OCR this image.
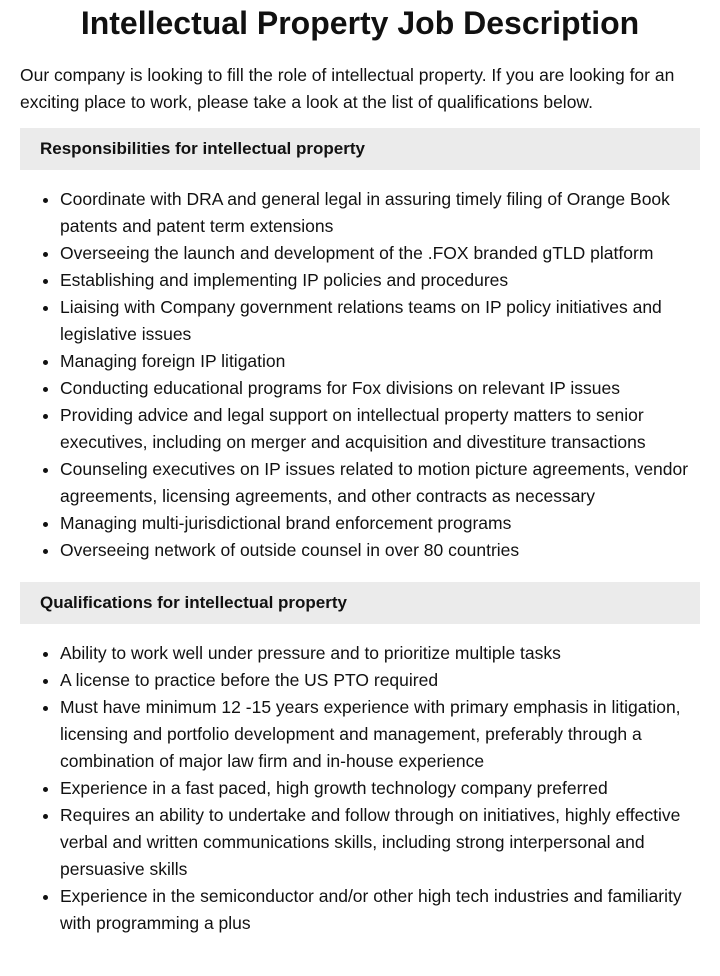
Intellectual Property Job Description

Our company is looking to fill the role of intellectual property. If you are looking for an exciting place to work, please take a look at the list of qualifications below.

Responsibilities for intellectual property
• Coordinate with DRA and general legal in assuring timely filing of Orange Book patents and patent term extensions
• Overseeing the launch and development of the .FOX branded gTLD platform
• Establishing and implementing IP policies and procedures
• Liaising with Company government relations teams on IP policy initiatives and legislative issues
• Managing foreign IP litigation
• Conducting educational programs for Fox divisions on relevant IP issues
• Providing advice and legal support on intellectual property matters to senior executives, including on merger and acquisition and divestiture transactions
• Counseling executives on IP issues related to motion picture agreements, vendor agreements, licensing agreements, and other contracts as necessary
• Managing multi-jurisdictional brand enforcement programs
• Overseeing network of outside counsel in over 80 countries
Qualifications for intellectual property
• Ability to work well under pressure and to prioritize multiple tasks
• A license to practice before the US PTO required
• Must have minimum 12 -15 years experience with primary emphasis in litigation, licensing and portfolio development and management, preferably through a combination of major law firm and in-house experience
• Experience in a fast paced, high growth technology company preferred
• Requires an ability to undertake and follow through on initiatives, highly effective verbal and written communications skills, including strong interpersonal and persuasive skills
• Experience in the semiconductor and/or other high tech industries and familiarity with programming a plus
